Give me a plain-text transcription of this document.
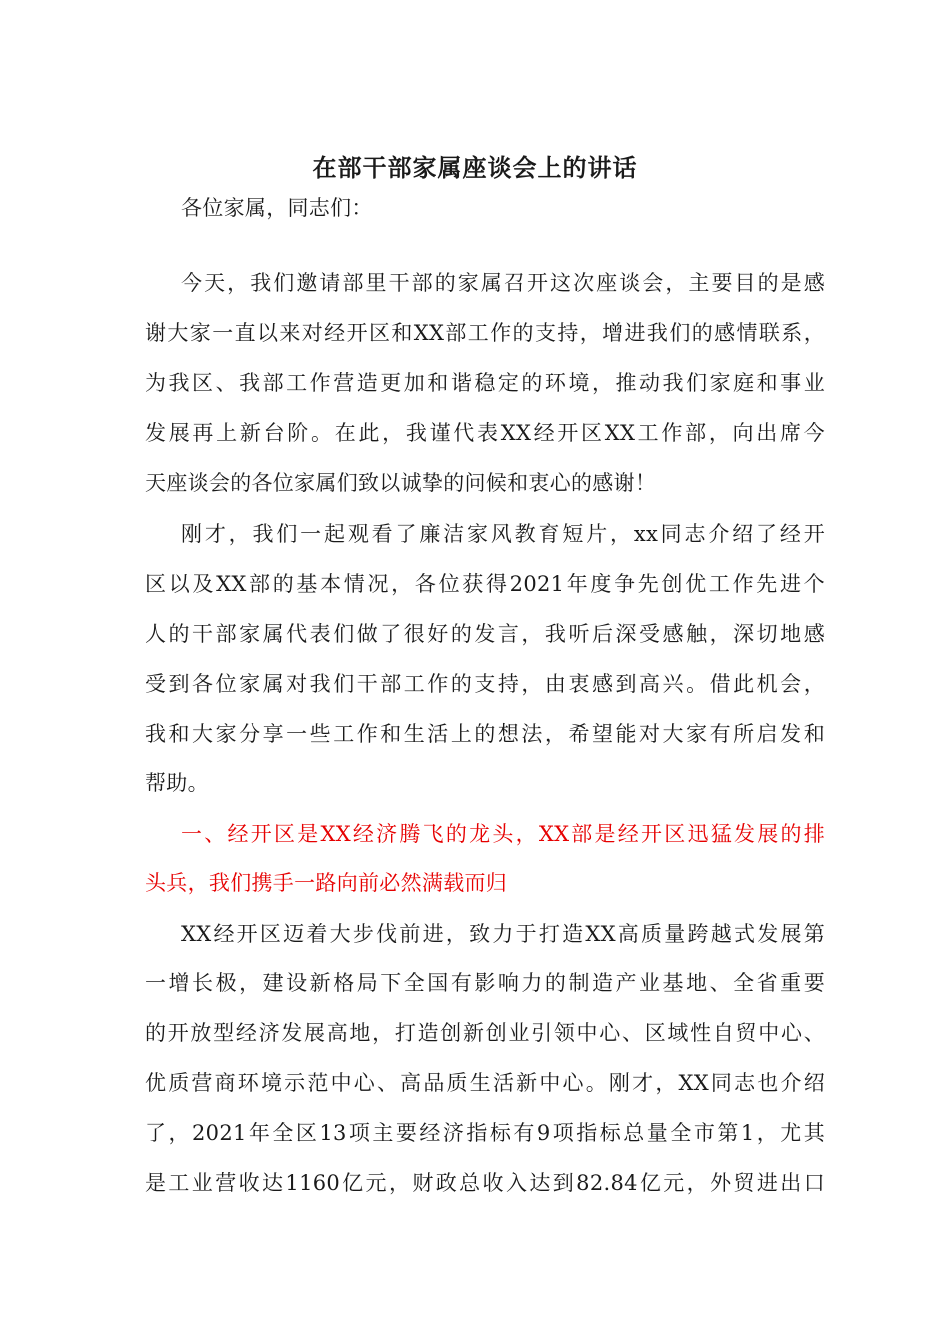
在部干部家属座谈会上的讲话

各位家属，同志们：

今天，我们邀请部里干部的家属召开这次座谈会，主要目的是感

谢大家一直以来对经开区和XX部工作的支持，增进我们的感情联系，

为我区、我部工作营造更加和谐稳定的环境，推动我们家庭和事业

发展再上新台阶。在此，我谨代表XX经开区XX工作部，向出席今

天座谈会的各位家属们致以诚挚的问候和衷心的感谢！

刚才，我们一起观看了廉洁家风教育短片，xx同志介绍了经开

区以及XX部的基本情况，各位获得2021年度争先创优工作先进个

人的干部家属代表们做了很好的发言，我听后深受感触，深切地感

受到各位家属对我们干部工作的支持，由衷感到高兴。借此机会，

我和大家分享一些工作和生活上的想法，希望能对大家有所启发和

帮助。

一、经开区是XX经济腾飞的龙头，XX部是经开区迅猛发展的排

头兵，我们携手一路向前必然满载而归

XX经开区迈着大步伐前进，致力于打造XX高质量跨越式发展第

一增长极，建设新格局下全国有影响力的制造产业基地、全省重要

的开放型经济发展高地，打造创新创业引领中心、区域性自贸中心、

优质营商环境示范中心、高品质生活新中心。刚才，XX同志也介绍

了，2021年全区13项主要经济指标有9项指标总量全市第1，尤其

是工业营收达1160亿元，财政总收入达到82.84亿元，外贸进出口
